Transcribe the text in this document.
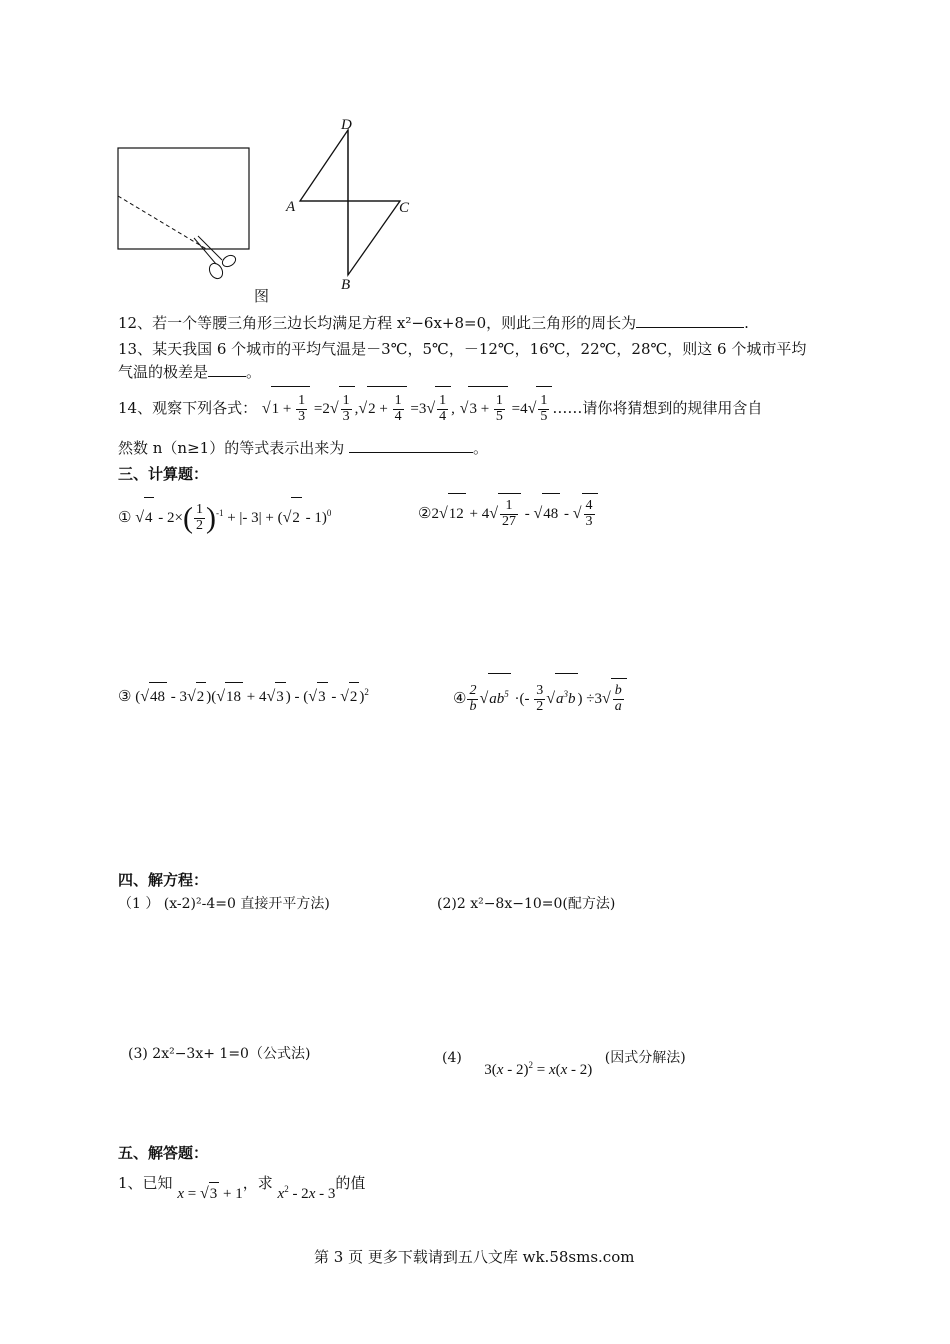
图
D
A	C
B
12、若一个等腰三角形三边长均满足方程 x²−6x+8=0，则此三角形的周长为	.
13、某天我国 6 个城市的平均气温是－3℃，5℃，－12℃，16℃，22℃，28℃，则这 6 个城市平均
气温的极差是	。
14、观察下列各式： $√1 + \frac{1}{3} =2√ \frac{1}{3} ,√2 + \frac{1}{4} =3√ \frac{1}{4}$ , $√3 + \frac{1}{5} =4√ \frac{1}{5}$ ……请你将猜想到的规律用含自
然数 n（n≥1）的等式表示出来为	。
三、计算题：
① $√4 - 2\times( \frac{1}{2} )^{-1}$ + |- 3| + (√2 - 1)$^0$	②2√12 + $4√ \frac{1}{27} - √48$ - √ $\frac{4}{3}$
③ (√48 - 3√2 )(√18 + 4√3 ) - (√3 - √2 )$^2$	④ $\frac{2}{b} √ab^5$ ·(- $\frac{3}{2} √a^3b$ ) $\div 3√ \frac{b}{a}$
四、解方程：
（1 ） (x-2)²-4=0 直接开平方法)	(2)2 x²−8x−10=0(配方法)
(3) 2x²−3x+ 1=0（公式法)	(4) 3(x - 2)$^2$ = x(x - 2) (因式分解法)
五、解答题：
1、已知 x = √3 + 1，求 $x^2 - 2x - 3$的值
第 3 页 更多下载请到五八文库 wk.58sms.com
